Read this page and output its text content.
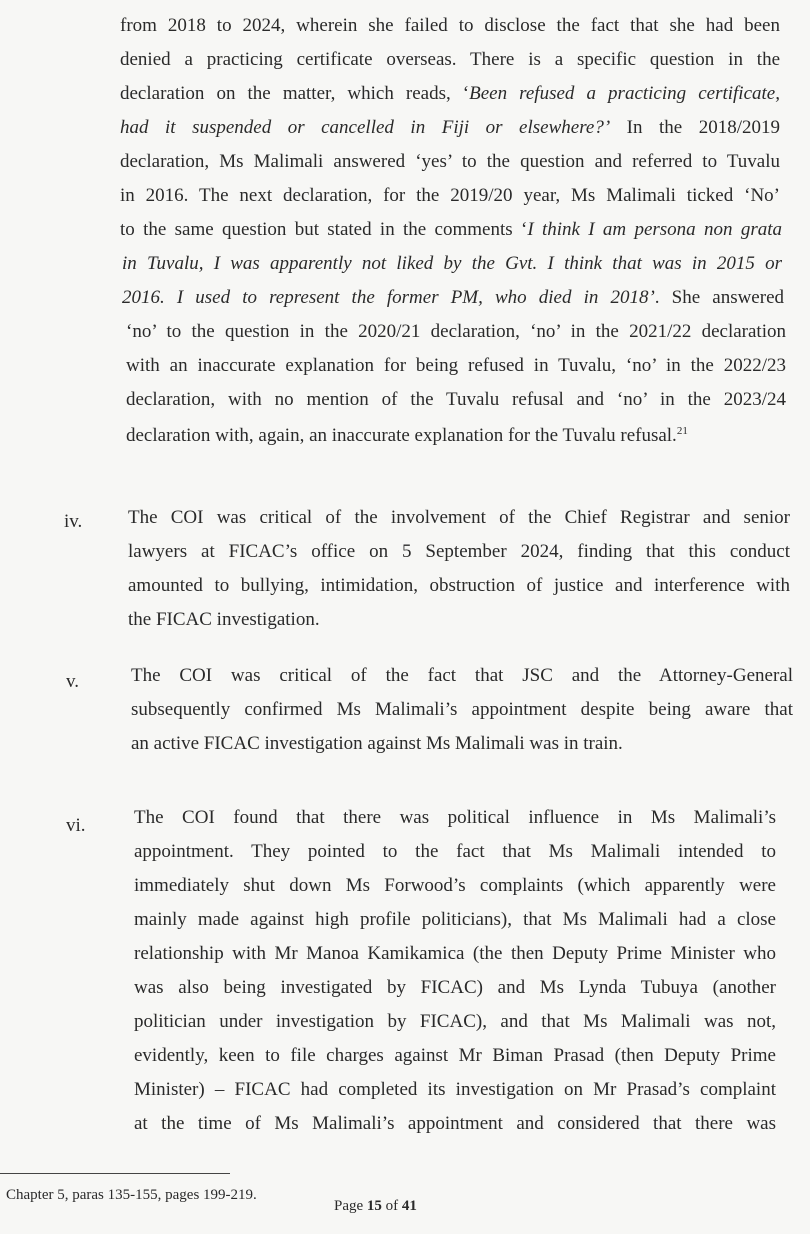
from 2018 to 2024, wherein she failed to disclose the fact that she had been
denied a practicing certificate overseas. There is a specific question in the
declaration on the matter, which reads, ‘Been refused a practicing certificate,
had it suspended or cancelled in Fiji or elsewhere?’ In the 2018/2019
declaration, Ms Malimali answered ‘yes’ to the question and referred to Tuvalu
in 2016. The next declaration, for the 2019/20 year, Ms Malimali ticked ‘No’
to the same question but stated in the comments ‘I think I am persona non grata
in Tuvalu, I was apparently not liked by the Gvt. I think that was in 2015 or
2016. I used to represent the former PM, who died in 2018’. She answered
‘no’ to the question in the 2020/21 declaration, ‘no’ in the 2021/22 declaration
with an inaccurate explanation for being refused in Tuvalu, ‘no’ in the 2022/23
declaration, with no mention of the Tuvalu refusal and ‘no’ in the 2023/24
declaration with, again, an inaccurate explanation for the Tuvalu refusal.$^{21}$
iv. The COI was critical of the involvement of the Chief Registrar and senior
lawyers at FICAC’s office on 5 September 2024, finding that this conduct
amounted to bullying, intimidation, obstruction of justice and interference with
the FICAC investigation.
v.	The COI was critical of the fact that JSC and the Attorney-General
subsequently confirmed Ms Malimali’s appointment despite being aware that
an active FICAC investigation against Ms Malimali was in train.
vi.	The COI found that there was political influence in Ms Malimali’s
appointment. They pointed to the fact that Ms Malimali intended to
immediately shut down Ms Forwood’s complaints (which apparently were
mainly made against high profile politicians), that Ms Malimali had a close
relationship with Mr Manoa Kamikamica (the then Deputy Prime Minister who
was also being investigated by FICAC) and Ms Lynda Tubuya (another
politician under investigation by FICAC), and that Ms Malimali was not,
evidently, keen to file charges against Mr Biman Prasad (then Deputy Prime
Minister) – FICAC had completed its investigation on Mr Prasad’s complaint
at the time of Ms Malimali’s appointment and considered that there was
Chapter 5, paras 135-155, pages 199-219.
Page 15 of 41
